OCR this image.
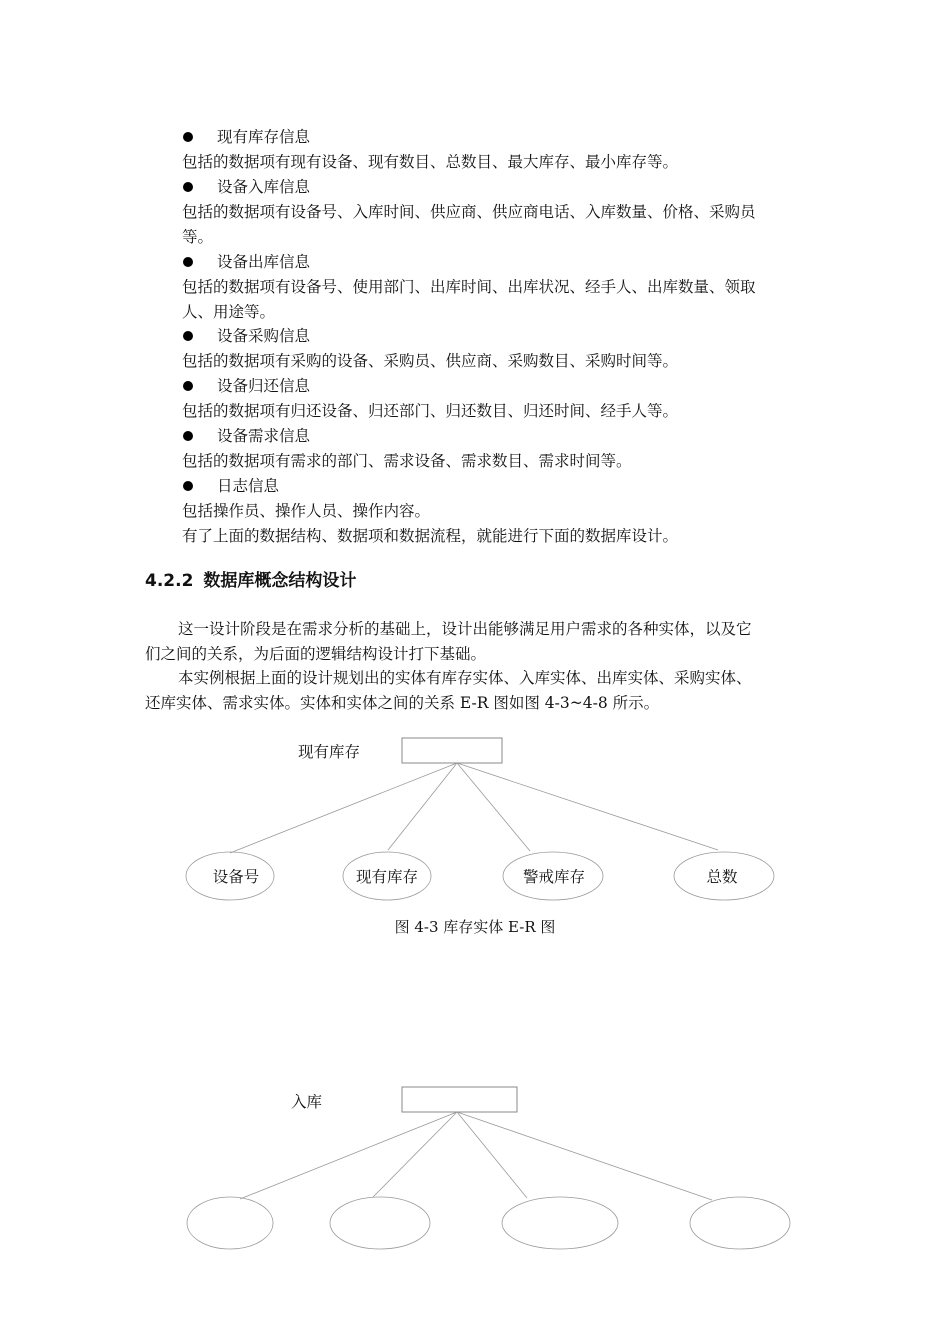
现有库存信息
包括的数据项有现有设备、现有数目、总数目、最大库存、最小库存等。
设备入库信息
包括的数据项有设备号、入库时间、供应商、供应商电话、入库数量、价格、采购员
等。
设备出库信息
包括的数据项有设备号、使用部门、出库时间、出库状况、经手人、出库数量、领取
人、用途等。
设备采购信息
包括的数据项有采购的设备、采购员、供应商、采购数目、采购时间等。
设备归还信息
包括的数据项有归还设备、归还部门、归还数目、归还时间、经手人等。
设备需求信息
包括的数据项有需求的部门、需求设备、需求数目、需求时间等。
日志信息
包括操作员、操作人员、操作内容。
有了上面的数据结构、数据项和数据流程，就能进行下面的数据库设计。
4.2.2 数据库概念结构设计
这一设计阶段是在需求分析的基础上，设计出能够满足用户需求的各种实体，以及它
们之间的关系，为后面的逻辑结构设计打下基础。
本实例根据上面的设计规划出的实体有库存实体、入库实体、出库实体、采购实体、
还库实体、需求实体。实体和实体之间的关系 E-R 图如图 4-3~4-8 所示。
现有库存
设备号	现有库存	警戒库存	总数
入库
图 4-3 库存实体 E-R 图
